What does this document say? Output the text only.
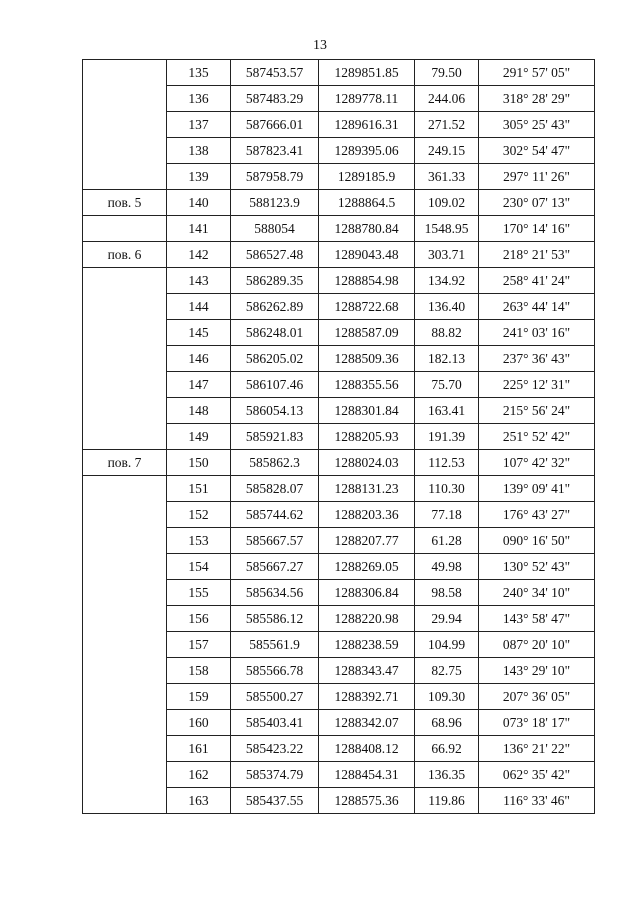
13
	135	587453.57	1289851.85	79.50	291° 57' 05"
	136	587483.29	1289778.11	244.06	318° 28' 29"
	137	587666.01	1289616.31	271.52	305° 25' 43"
	138	587823.41	1289395.06	249.15	302° 54' 47"
	139	587958.79	1289185.9	361.33	297° 11' 26"
пов. 5	140	588123.9	1288864.5	109.02	230° 07' 13"
	141	588054	1288780.84	1548.95	170° 14' 16"
пов. 6	142	586527.48	1289043.48	303.71	218° 21' 53"
	143	586289.35	1288854.98	134.92	258° 41' 24"
	144	586262.89	1288722.68	136.40	263° 44' 14"
	145	586248.01	1288587.09	88.82	241° 03' 16"
	146	586205.02	1288509.36	182.13	237° 36' 43"
	147	586107.46	1288355.56	75.70	225° 12' 31"
	148	586054.13	1288301.84	163.41	215° 56' 24"
	149	585921.83	1288205.93	191.39	251° 52' 42"
пов. 7	150	585862.3	1288024.03	112.53	107° 42' 32"
	151	585828.07	1288131.23	110.30	139° 09' 41"
	152	585744.62	1288203.36	77.18	176° 43' 27"
	153	585667.57	1288207.77	61.28	090° 16' 50"
	154	585667.27	1288269.05	49.98	130° 52' 43"
	155	585634.56	1288306.84	98.58	240° 34' 10"
	156	585586.12	1288220.98	29.94	143° 58' 47"
	157	585561.9	1288238.59	104.99	087° 20' 10"
	158	585566.78	1288343.47	82.75	143° 29' 10"
	159	585500.27	1288392.71	109.30	207° 36' 05"
	160	585403.41	1288342.07	68.96	073° 18' 17"
	161	585423.22	1288408.12	66.92	136° 21' 22"
	162	585374.79	1288454.31	136.35	062° 35' 42"
	163	585437.55	1288575.36	119.86	116° 33' 46"
